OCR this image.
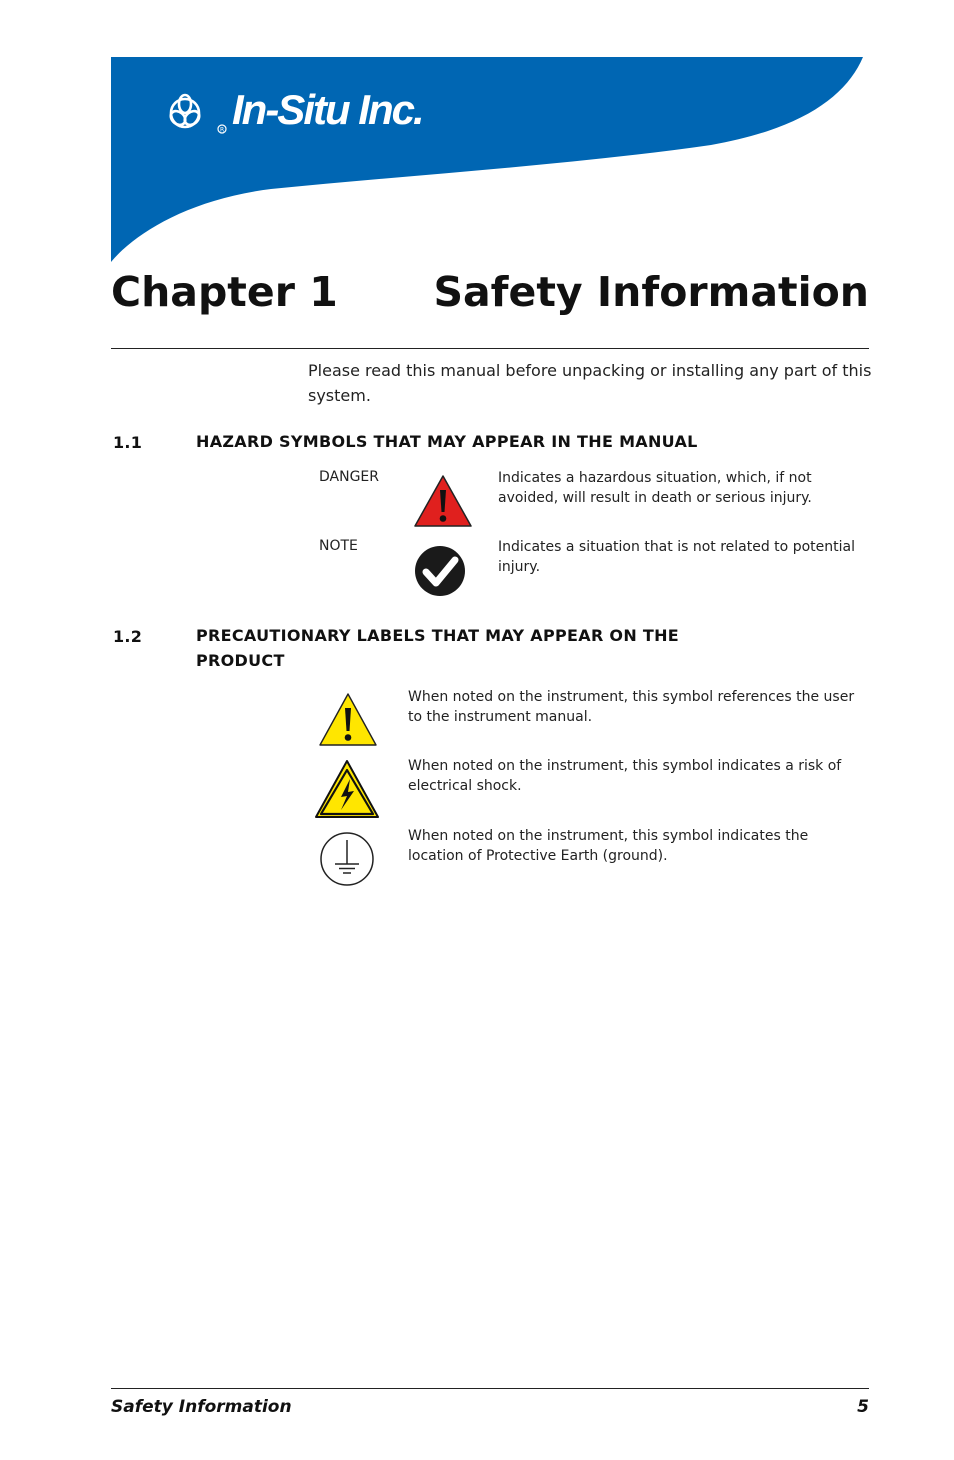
R In-Situ Inc.
Chapter 1 Safety Information
Please read this manual before unpacking or installing any part of this system.
1.1	HAZARD SYMBOLS THAT MAY APPEAR IN THE MANUAL
DANGER	Indicates a hazardous situation, which, if not avoided, will result in death or serious injury.
NOTE	Indicates a situation that is not related to potential injury.
1.2	PRECAUTIONARY LABELS THAT MAY APPEAR ON THE
PRODUCT
When noted on the instrument, this symbol references the user to the instrument manual.
When noted on the instrument, this symbol indicates a risk of electrical shock.
When noted on the instrument, this symbol indicates the location of Protective Earth (ground).
Safety Information	5
